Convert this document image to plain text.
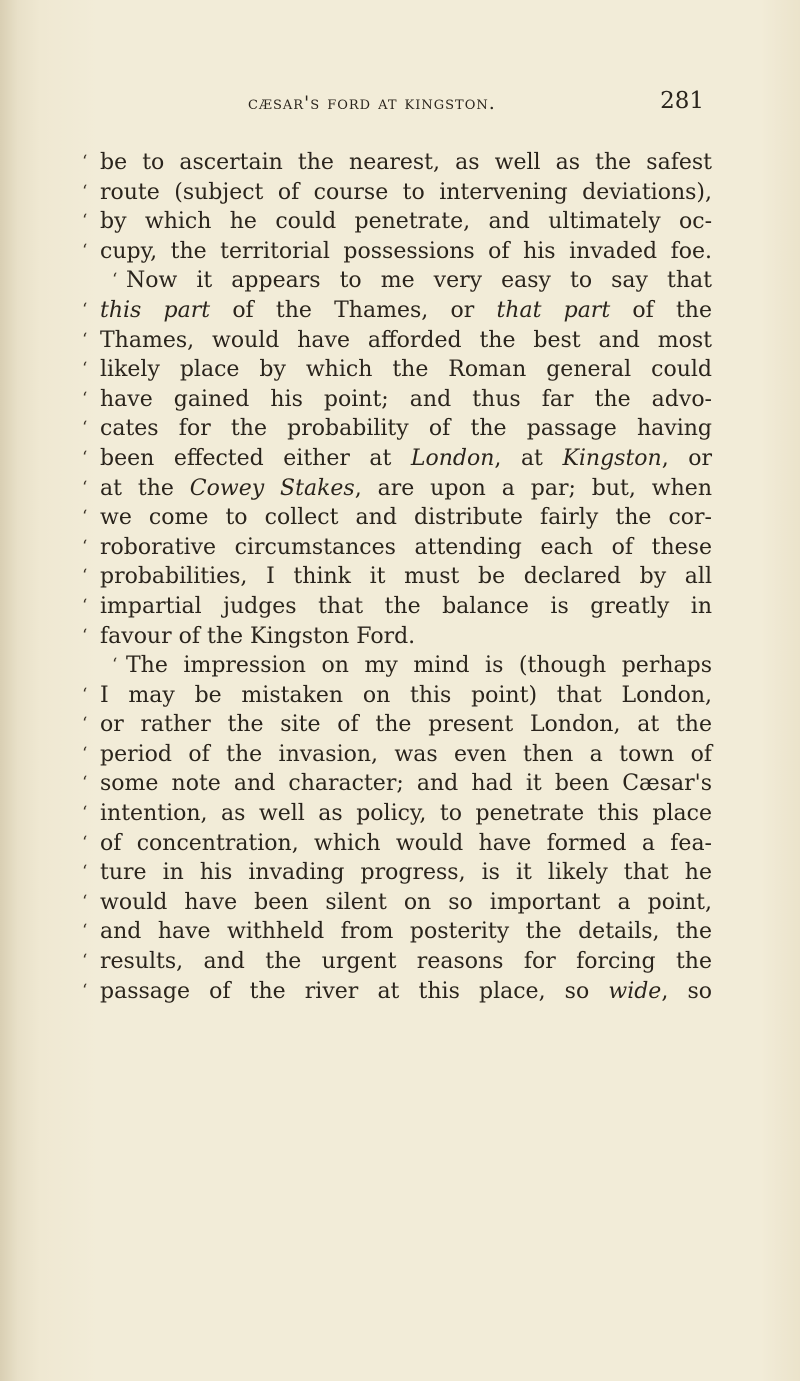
cæsar's ford at kingston.	281
‘ be to ascertain the nearest, as well as the safest
‘ route (subject of course to intervening deviations),
‘ by which he could penetrate, and ultimately oc-
‘ cupy, the territorial possessions of his invaded foe.
‘ Now it appears to me very easy to say that
‘ this part of the Thames, or that part of the
‘ Thames, would have afforded the best and most
‘ likely place by which the Roman general could
‘ have gained his point; and thus far the advo-
‘ cates for the probability of the passage having
‘ been effected either at London, at Kingston, or
‘ at the Cowey Stakes, are upon a par; but, when
‘ we come to collect and distribute fairly the cor-
‘ roborative circumstances attending each of these
‘ probabilities, I think it must be declared by all
‘ impartial judges that the balance is greatly in
‘ favour of the Kingston Ford.
‘ The impression on my mind is (though perhaps
‘ I may be mistaken on this point) that London,
‘ or rather the site of the present London, at the
‘ period of the invasion, was even then a town of
‘ some note and character; and had it been Cæsar's
‘ intention, as well as policy, to penetrate this place
‘ of concentration, which would have formed a fea-
‘ ture in his invading progress, is it likely that he
‘ would have been silent on so important a point,
‘ and have withheld from posterity the details, the
‘ results, and the urgent reasons for forcing the
‘ passage of the river at this place, so wide, so
